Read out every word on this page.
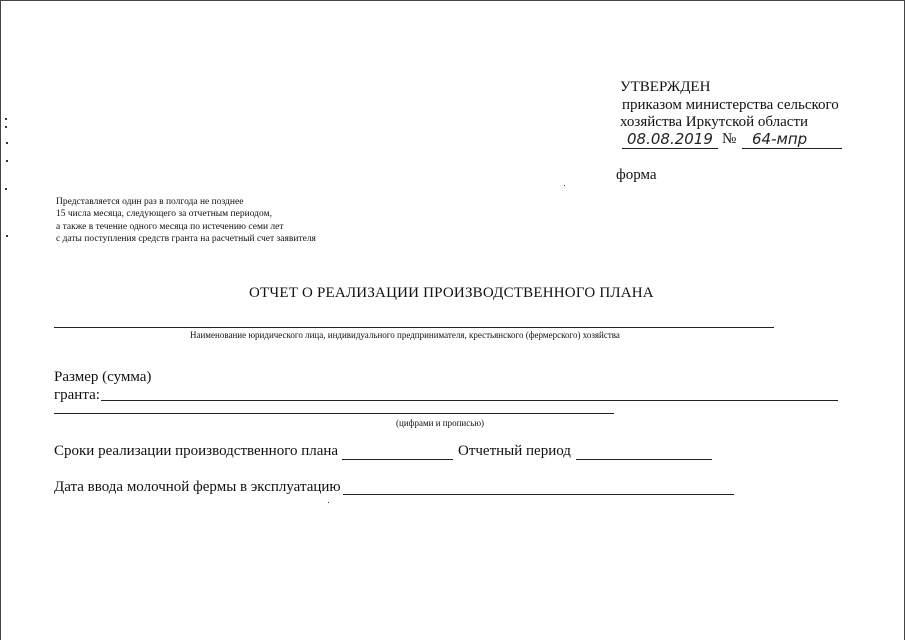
УТВЕРЖДЕН
приказом министерства сельского
хозяйства Иркутской области
08.08.2019 № 64-мпр
форма
Представляется один раз в полгода не позднее
15 числа месяца, следующего за отчетным периодом,
а также в течение одного месяца по истечению семи лет
с даты поступления средств гранта на расчетный счет заявителя
ОТЧЕТ О РЕАЛИЗАЦИИ ПРОИЗВОДСТВЕННОГО ПЛАНА
Наименование юридического лица, индивидуального предпринимателя, крестьянского (фермерского) хозяйства
Размер (сумма)
гранта:
(цифрами и прописью)
Сроки реализации производственного плана	Отчетный период
Дата ввода молочной фермы в эксплуатацию
